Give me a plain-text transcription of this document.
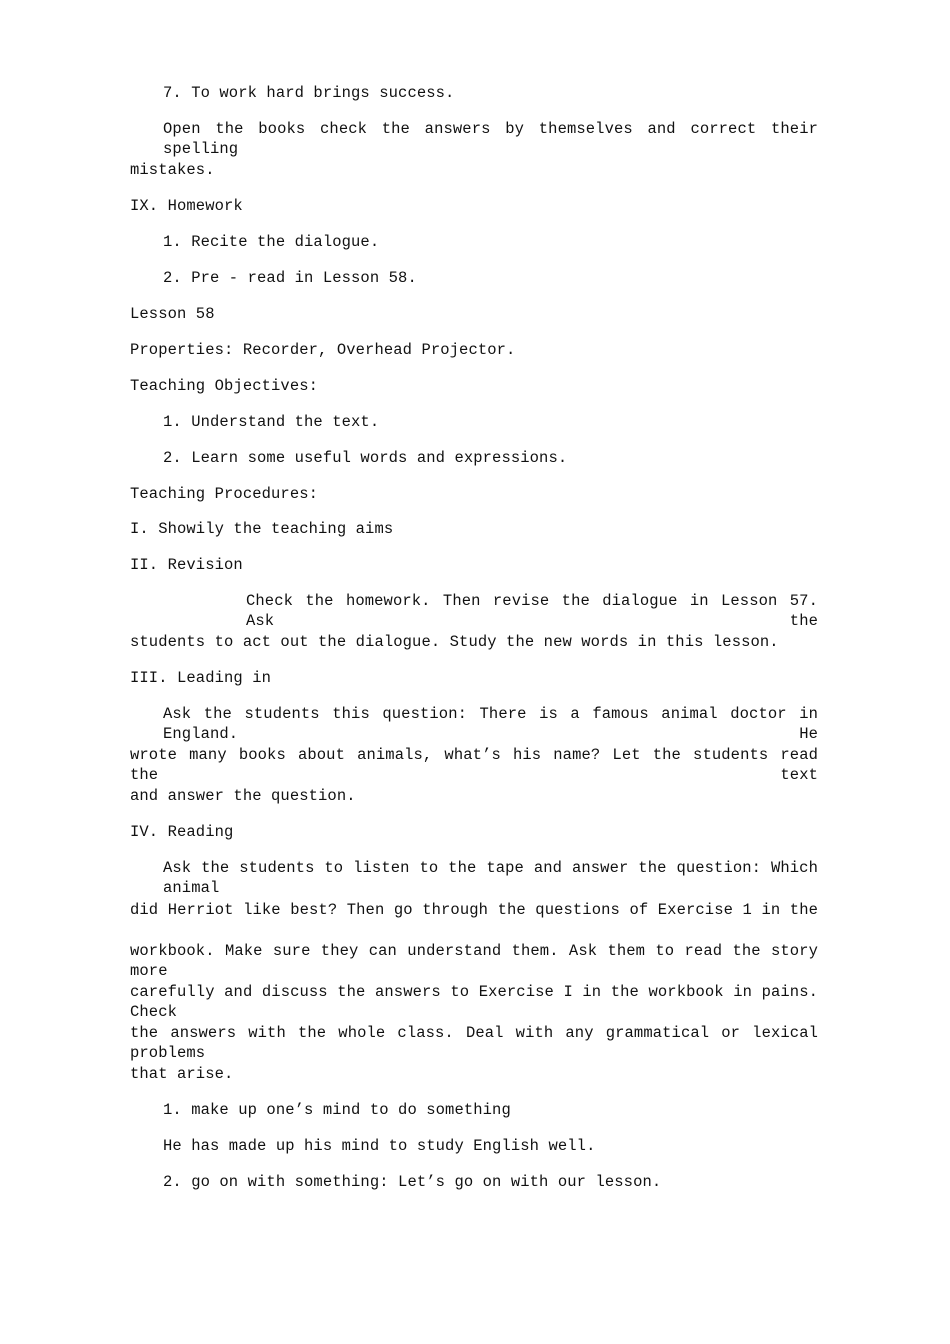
7. To work hard brings success.
Open the books check the answers by themselves and correct their spelling
mistakes.
IX. Homework
1. Recite the dialogue.
2. Pre - read in Lesson 58.
Lesson 58
Properties: Recorder, Overhead Projector.
Teaching Objectives:
1. Understand the text.
2. Learn some useful words and expressions.
Teaching Procedures:
I. Showily the teaching aims
II. Revision
Check the homework. Then revise the dialogue in Lesson 57. Ask the
students to act out the dialogue. Study the new words in this lesson.
III. Leading in
Ask the students this question: There is a famous animal doctor in England. He
wrote many books about animals, what’s his name? Let the students read the text
and answer the question.
IV. Reading
Ask the students to listen to the tape and answer the question: Which animal
did Herriot like best? Then go through the questions of Exercise 1 in the
workbook. Make sure they can understand them. Ask them to read the story more
carefully and discuss the answers to Exercise I in the workbook in pains. Check
the answers with the whole class. Deal with any grammatical or lexical problems
that arise.
1. make up one’s mind to do something
He has made up his mind to study English well.
2. go on with something: Let’s go on with our lesson.
